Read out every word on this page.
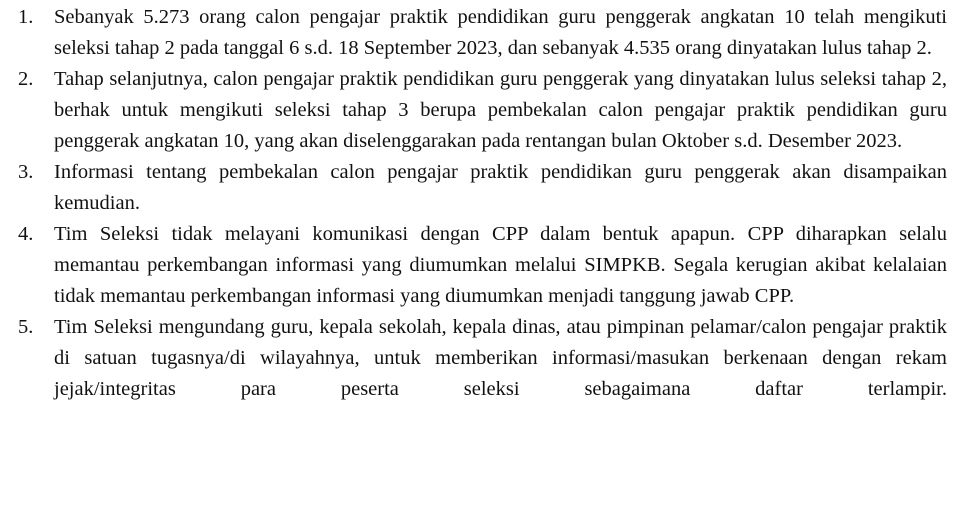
1.	Sebanyak 5.273 orang calon pengajar praktik pendidikan guru penggerak angkatan 10 telah mengikuti seleksi tahap 2 pada tanggal 6 s.d. 18 September 2023, dan sebanyak 4.535 orang dinyatakan lulus tahap 2.
2.	Tahap selanjutnya, calon pengajar praktik pendidikan guru penggerak yang dinyatakan lulus seleksi tahap 2, berhak untuk mengikuti seleksi tahap 3 berupa pembekalan calon pengajar praktik pendidikan guru penggerak angkatan 10, yang akan diselenggarakan pada rentangan bulan Oktober s.d. Desember 2023.
3.	Informasi tentang pembekalan calon pengajar praktik pendidikan guru penggerak akan disampaikan kemudian.
4.	Tim Seleksi tidak melayani komunikasi dengan CPP dalam bentuk apapun. CPP diharapkan selalu memantau perkembangan informasi yang diumumkan melalui SIMPKB. Segala kerugian akibat kelalaian tidak memantau perkembangan informasi yang diumumkan menjadi tanggung jawab CPP.
5.	Tim Seleksi mengundang guru, kepala sekolah, kepala dinas, atau pimpinan pelamar/calon pengajar praktik di satuan tugasnya/di wilayahnya, untuk memberikan informasi/masukan berkenaan dengan rekam jejak/integritas para peserta seleksi sebagaimana daftar terlampir.
